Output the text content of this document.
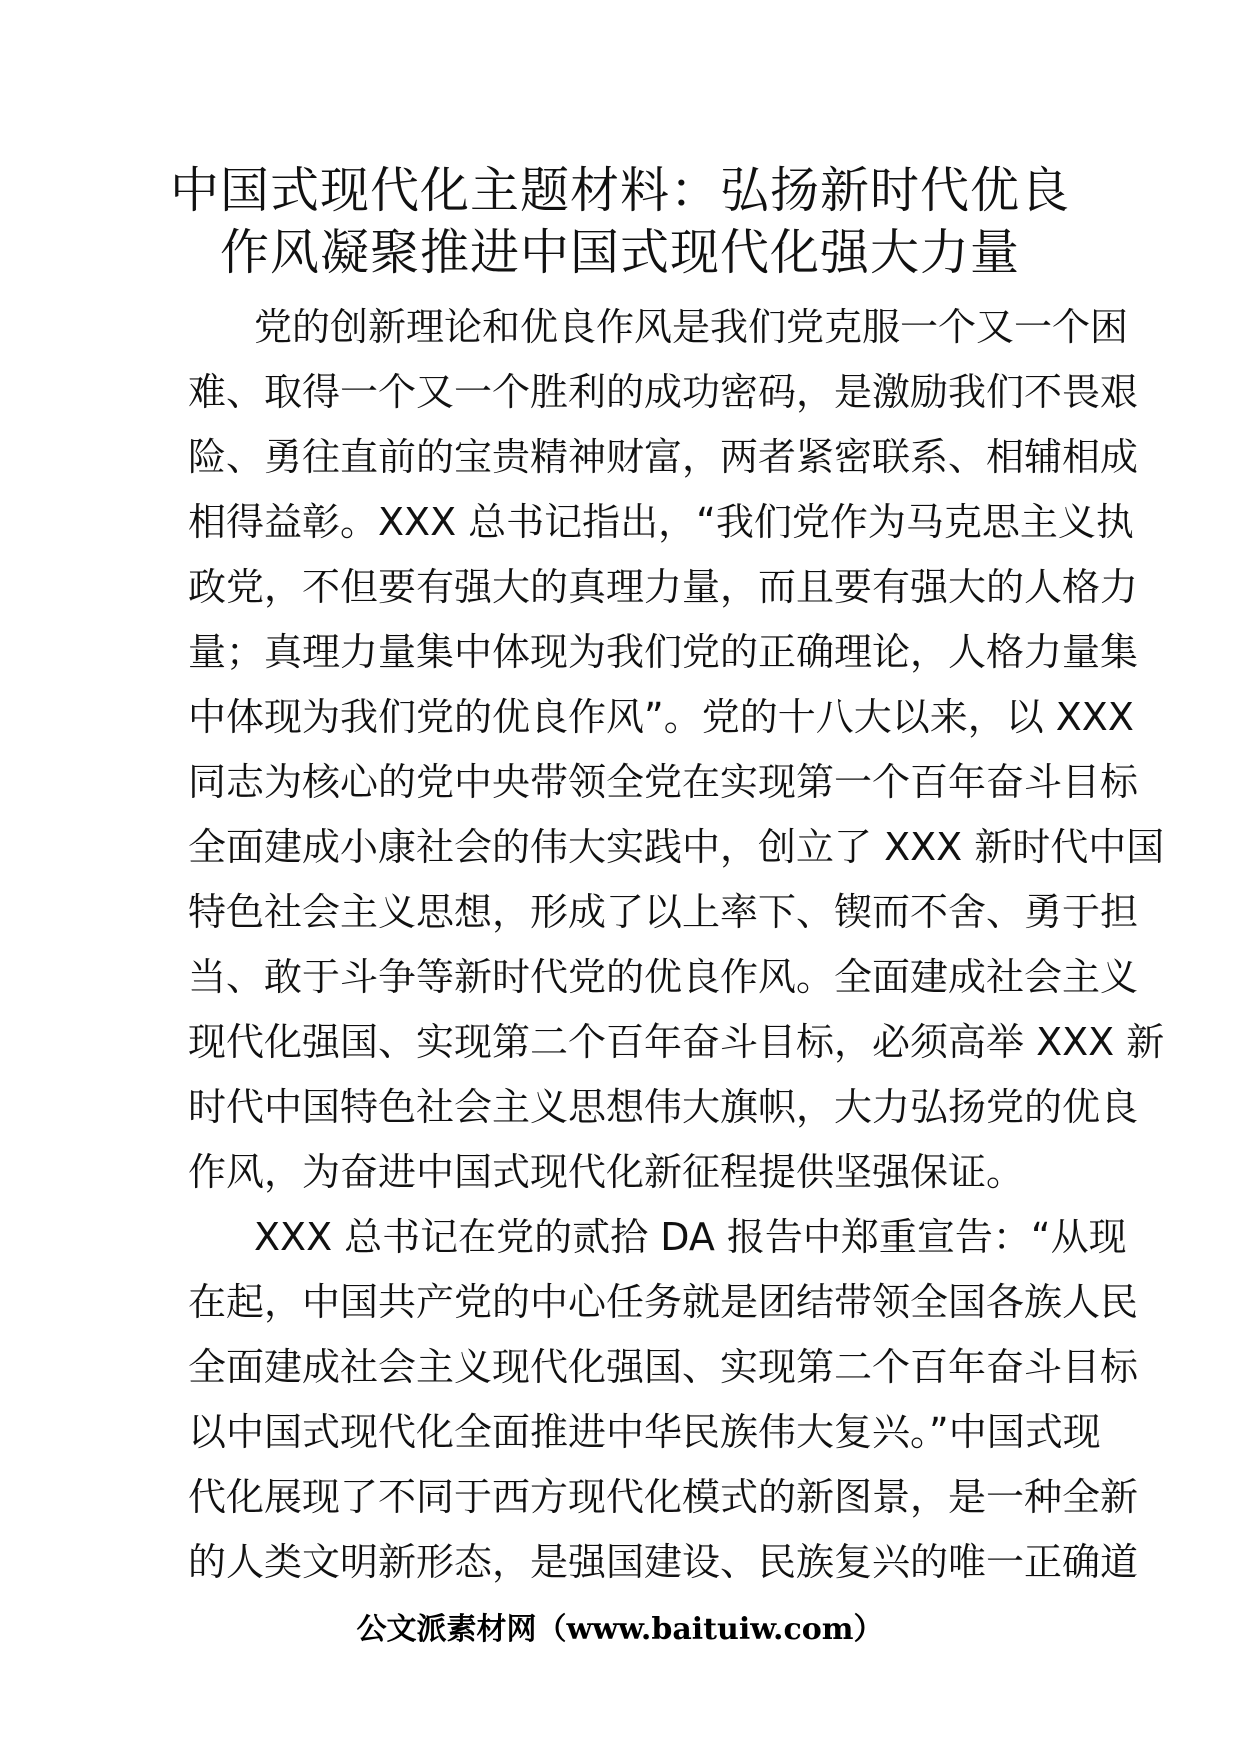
中国式现代化主题材料：弘扬新时代优良
作风凝聚推进中国式现代化强大力量
党的创新理论和优良作风是我们党克服一个又一个困
难、取得一个又一个胜利的成功密码，是激励我们不畏艰
险、勇往直前的宝贵精神财富，两者紧密联系、相辅相成
相得益彰。XXX 总书记指出，“我们党作为马克思主义执
政党，不但要有强大的真理力量，而且要有强大的人格力
量；真理力量集中体现为我们党的正确理论，人格力量集
中体现为我们党的优良作风”。党的十八大以来，以 XXX
同志为核心的党中央带领全党在实现第一个百年奋斗目标
全面建成小康社会的伟大实践中，创立了 XXX 新时代中国
特色社会主义思想，形成了以上率下、锲而不舍、勇于担
当、敢于斗争等新时代党的优良作风。全面建成社会主义
现代化强国、实现第二个百年奋斗目标，必须高举 XXX 新
时代中国特色社会主义思想伟大旗帜，大力弘扬党的优良
作风，为奋进中国式现代化新征程提供坚强保证。
XXX 总书记在党的贰拾 DA 报告中郑重宣告：“从现
在起，中国共产党的中心任务就是团结带领全国各族人民
全面建成社会主义现代化强国、实现第二个百年奋斗目标
以中国式现代化全面推进中华民族伟大复兴。”中国式现
代化展现了不同于西方现代化模式的新图景，是一种全新
的人类文明新形态，是强国建设、民族复兴的唯一正确道
公文派素材网（www.baituiw.com）
